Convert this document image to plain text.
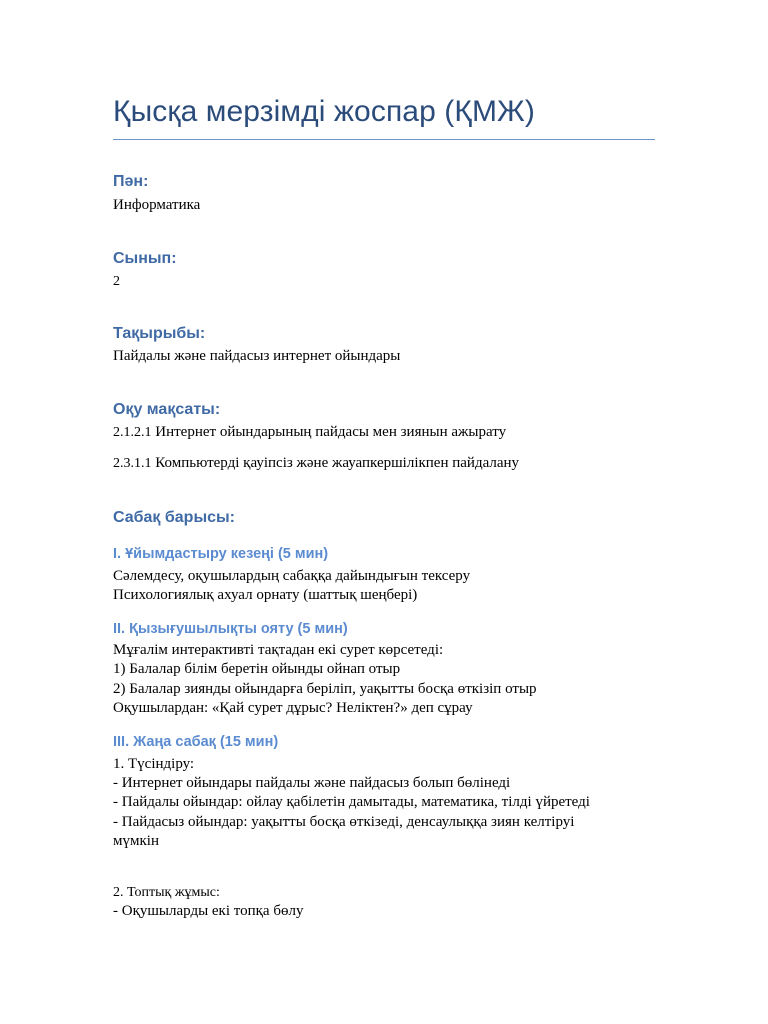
Қысқа мерзімді жоспар (ҚМЖ)
Пән:
Информатика
Сынып:
2
Тақырыбы:
Пайдалы және пайдасыз интернет ойындары
Оқу мақсаты:
2.1.2.1 Интернет ойындарының пайдасы мен зиянын ажырату
2.3.1.1 Компьютерді қауіпсіз және жауапкершілікпен пайдалану
Сабақ барысы:
I. Ұйымдастыру кезеңі (5 мин)
Сәлемдесу, оқушылардың сабаққа дайындығын тексеру
Психологиялық ахуал орнату (шаттық шеңбері)
II. Қызығушылықты ояту (5 мин)
Мұғалім интерактивті тақтадан екі сурет көрсетеді:
1) Балалар білім беретін ойынды ойнап отыр
2) Балалар зиянды ойындарға беріліп, уақытты босқа өткізіп отыр
Оқушылардан: «Қай сурет дұрыс? Неліктен?» деп сұрау
III. Жаңа сабақ (15 мин)
1. Түсіндіру:
- Интернет ойындары пайдалы және пайдасыз болып бөлінеді
- Пайдалы ойындар: ойлау қабілетін дамытады, математика, тілді үйретеді
- Пайдасыз ойындар: уақытты босқа өткізеді, денсаулыққа зиян келтіруі
мүмкін
2. Топтық жұмыс:
- Оқушыларды екі топқа бөлу
